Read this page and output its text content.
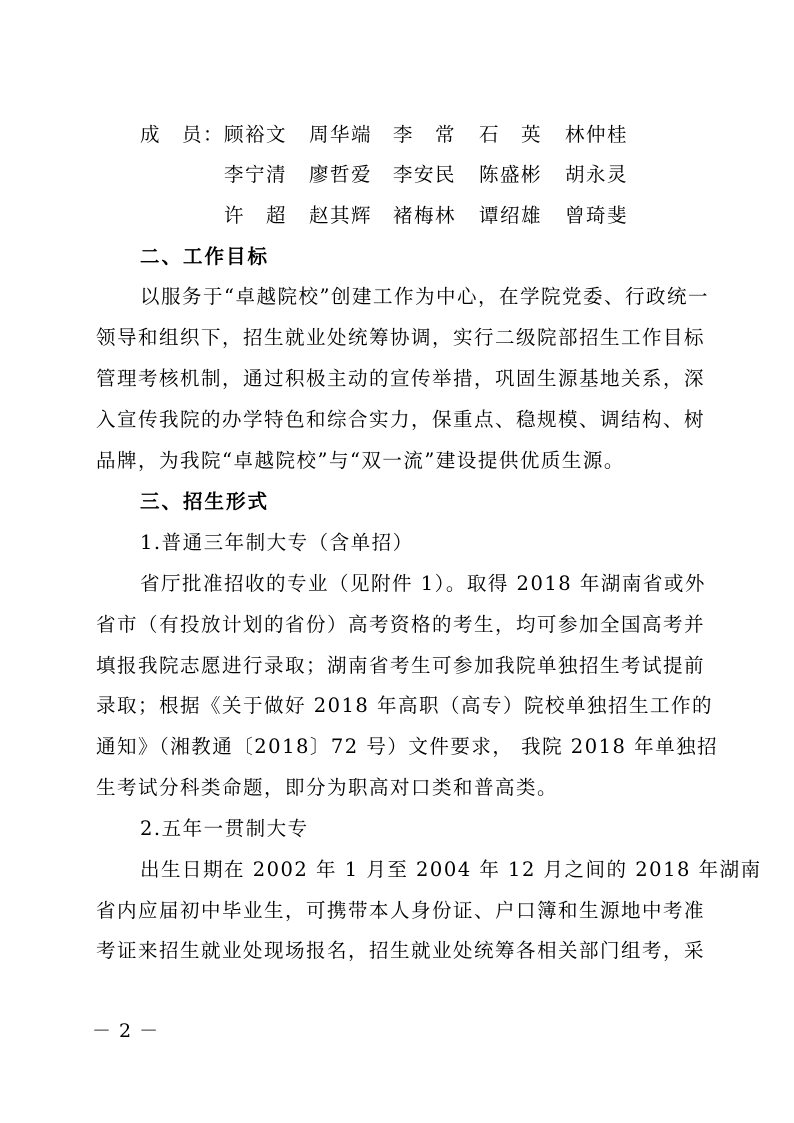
成　员： 顾裕文 周华端 李　常 石　英 林仲桂
李宁清 廖哲爱 李安民 陈盛彬 胡永灵
许　超 赵其辉 褚梅林 谭绍雄 曾琦斐
二、工作目标
以服务于“卓越院校”创建工作为中心，在学院党委、行政统一
领导和组织下，招生就业处统筹协调，实行二级院部招生工作目标
管理考核机制，通过积极主动的宣传举措，巩固生源基地关系，深
入宣传我院的办学特色和综合实力，保重点、稳规模、调结构、树
品牌，为我院“卓越院校”与“双一流”建设提供优质生源。
三、招生形式
1.普通三年制大专（含单招）
省厅批准招收的专业（见附件 1）。取得 2018 年湖南省或外
省市（有投放计划的省份）高考资格的考生，均可参加全国高考并
填报我院志愿进行录取；湖南省考生可参加我院单独招生考试提前
录取；根据《关于做好 2018 年高职（高专）院校单独招生工作的
通知》（湘教通〔2018〕72 号）文件要求， 我院 2018 年单独招
生考试分科类命题，即分为职高对口类和普高类。
2.五年一贯制大专
出生日期在 2002 年 1 月至 2004 年 12 月之间的 2018 年湖南
省内应届初中毕业生，可携带本人身份证、户口簿和生源地中考准
考证来招生就业处现场报名，招生就业处统筹各相关部门组考，采
－ 2 －
